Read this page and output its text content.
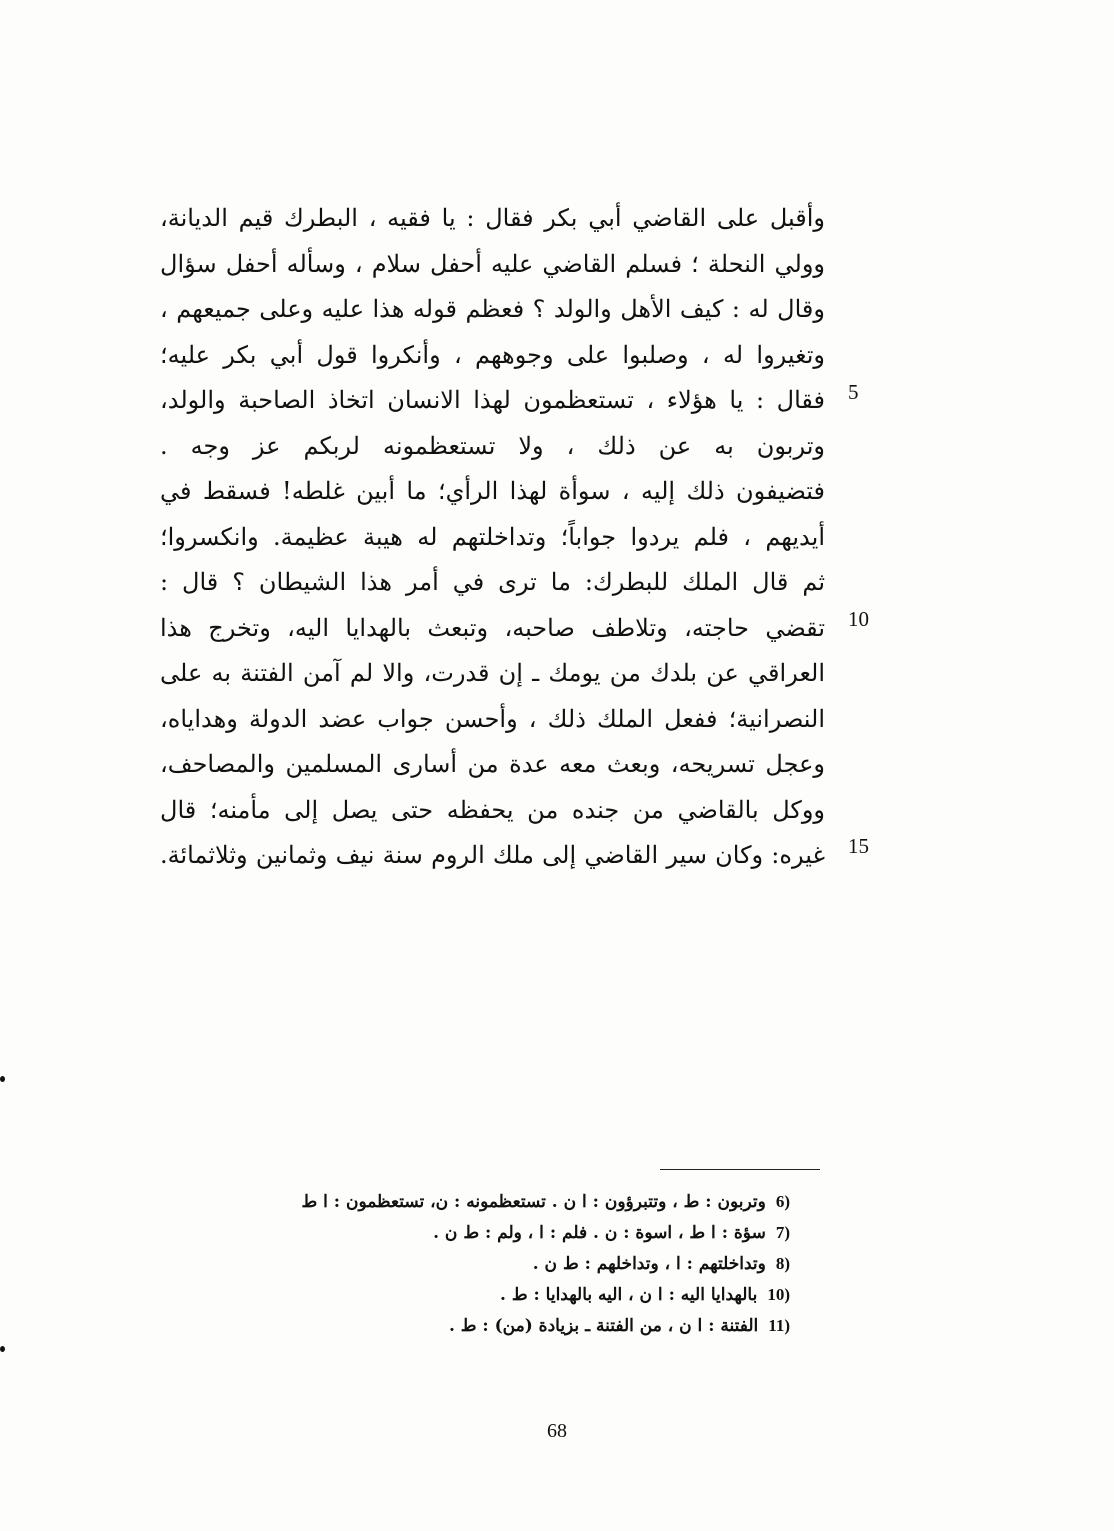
وأقبل على القاضي أبي بكر فقال : يا فقيه ، البطرك قيم الديانة،
وولي النحلة ؛ فسلم القاضي عليه أحفل سلام ، وسأله أحفل سؤال
وقال له : كيف الأهل والولد ؟ فعظم قوله هذا عليه وعلى جميعهم ،
وتغيروا له ، وصلبوا على وجوههم ، وأنكروا قول أبي بكر عليه؛
فقال : يا هؤلاء ، تستعظمون لهذا الانسان اتخاذ الصاحبة والولد،
وتربون به عن ذلك ، ولا تستعظمونه لربكم عز وجه .
فتضيفون ذلك إليه ، سوأة لهذا الرأي؛ ما أبين غلطه! فسقط في
أيديهم ، فلم يردوا جواباً؛ وتداخلتهم له هيبة عظيمة. وانكسروا؛
ثم قال الملك للبطرك: ما ترى في أمر هذا الشيطان ؟ قال :
تقضي حاجته، وتلاطف صاحبه، وتبعث بالهدايا اليه، وتخرج هذا
العراقي عن بلدك من يومك ـ إن قدرت، والا لم آمن الفتنة به على
النصرانية؛ ففعل الملك ذلك ، وأحسن جواب عضد الدولة وهداياه،
وعجل تسريحه، وبعث معه عدة من أسارى المسلمين والمصاحف،
ووكل بالقاضي من جنده من يحفظه حتى يصل إلى مأمنه؛ قال
غيره: وكان سير القاضي إلى ملك الروم سنة نيف وثمانين وثلاثمائة.
5
10
15
6)وتربون : ط ، وتتبرؤون : ا ن . تستعظمونه : ن، تستعظمون : ا ط
7)سؤة : ا ط ، اسوة : ن . فلم : ا ، ولم : ط ن .
8)وتداخلتهم : ا ، وتداخلهم : ط ن .
10)بالهدايا اليه : ا ن ، اليه بالهدايا : ط .
11)الفتنة : ا ن ، من الفتنة ـ بزيادة (من) : ط .
68
